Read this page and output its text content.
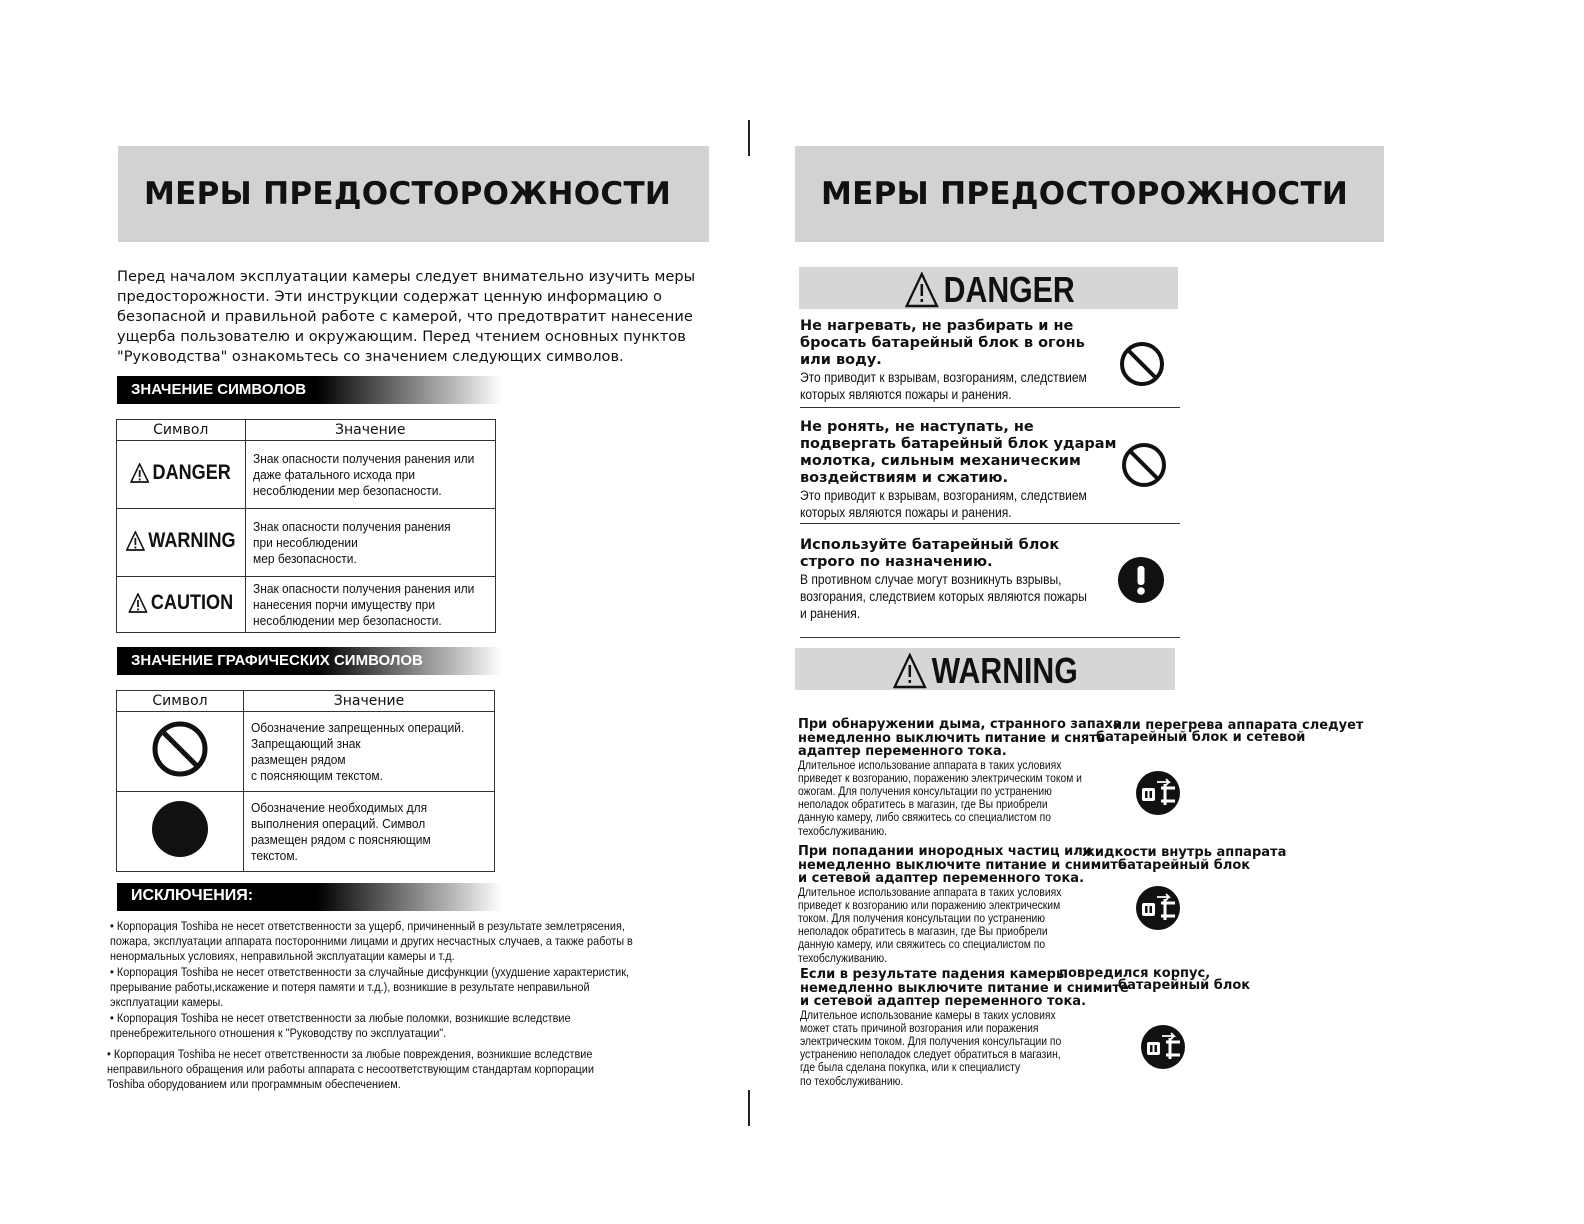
МЕРЫ ПРЕДОСТОРОЖНОСТИ
Перед началом эксплуатации камеры следует внимательно изучить меры
предосторожности. Эти инструкции содержат ценную информацию о
безопасной и правильной работе с камерой, что предотвратит нанесение
ущерба пользователю и окружающим. Перед чтением основных пунктов
"Руководства" ознакомьтесь со значением следующих символов.
ЗНАЧЕНИЕ СИМВОЛОВ
Символ	Значение

DANGER	Знак опасности получения ранения или
даже фатального исхода при
несоблюдении мер безопасности.

WARNING	Знак опасности получения ранения
при несоблюдении
мер безопасности.

CAUTION	Знак опасности получения ранения или
нанесения порчи имуществу при
несоблюдении мер безопасности.
ЗНАЧЕНИЕ ГРАФИЧЕСКИХ СИМВОЛОВ
Символ	Значение

Обозначение запрещенных операций.
Запрещающий знак
размещен рядом
с поясняющим текстом.

Обозначение необходимых для
выполнения операций. Символ
размещен рядом с поясняющим
текстом.
ИСКЛЮЧЕНИЯ:
• Корпорация Toshiba не несет ответственности за ущерб, причиненный в результате землетрясения,
пожара, эксплуатации аппарата посторонними лицами и других несчастных случаев, а также работы в
ненормальных условиях, неправильной эксплуатации камеры и т.д.
• Корпорация Toshiba не несет ответственности за случайные дисфункции (ухудшение характеристик,
прерывание работы,искажение и потеря памяти и т.д.), возникшие в результате неправильной
эксплуатации камеры.
• Корпорация Toshiba не несет ответственности за любые поломки, возникшие вследствие
пренебрежительного отношения к "Руководству по эксплуатации".
• Корпорация Toshiba не несет ответственности за любые повреждения, возникшие вследствие
неправильного обращения или работы аппарата с несоответствующим стандартам корпорации
Toshiba оборудованием или программным обеспечением.
МЕРЫ ПРЕДОСТОРОЖНОСТИ
DANGER
Не нагревать, не разбирать и не
бросать батарейный блок в огонь
или воду.
Это приводит к взрывам, возгораниям, следствием
которых являются пожары и ранения.
Не ронять, не наступать, не
подвергать батарейный блок ударам
молотка, сильным механическим
воздействиям и сжатию.
Это приводит к взрывам, возгораниям, следствием
которых являются пожары и ранения.
Используйте батарейный блок
строго по назначению.
В противном случае могут возникнуть взрывы,
возгорания, следствием которых являются пожары
и ранения.
WARNING
При обнаружении дыма, странного запаха
немедленно выключить питание и снять
адаптер переменного тока.
Длительное использование аппарата в таких условиях
приведет к возгоранию, поражению электрическим током и
ожогам. Для получения консультации по устранению
неполадок обратитесь в магазин, где Вы приобрели
данную камеру, либо свяжитесь со специалистом по
техобслуживанию.
или перегрева аппарата следует
батарейный блок и сетевой
При попадании инородных частиц или
немедленно выключите питание и снимите
и сетевой адаптер переменного тока.
Длительное использование аппарата в таких условиях
приведет к возгоранию или поражению электрическим
током. Для получения консультации по устранению
неполадок обратитесь в магазин, где Вы приобрели
данную камеру, или свяжитесь со специалистом по
техобслуживанию.
жидкости внутрь аппарата
батарейный блок
Если в результате падения камеры
немедленно выключите питание и снимите
и сетевой адаптер переменного тока.
Длительное использование камеры в таких условиях
может стать причиной возгорания или поражения
электрическим током. Для получения консультации по
устранению неполадок следует обратиться в магазин,
где была сделана покупка, или к специалисту
по техобслуживанию.
повредился корпус,
батарейный блок
